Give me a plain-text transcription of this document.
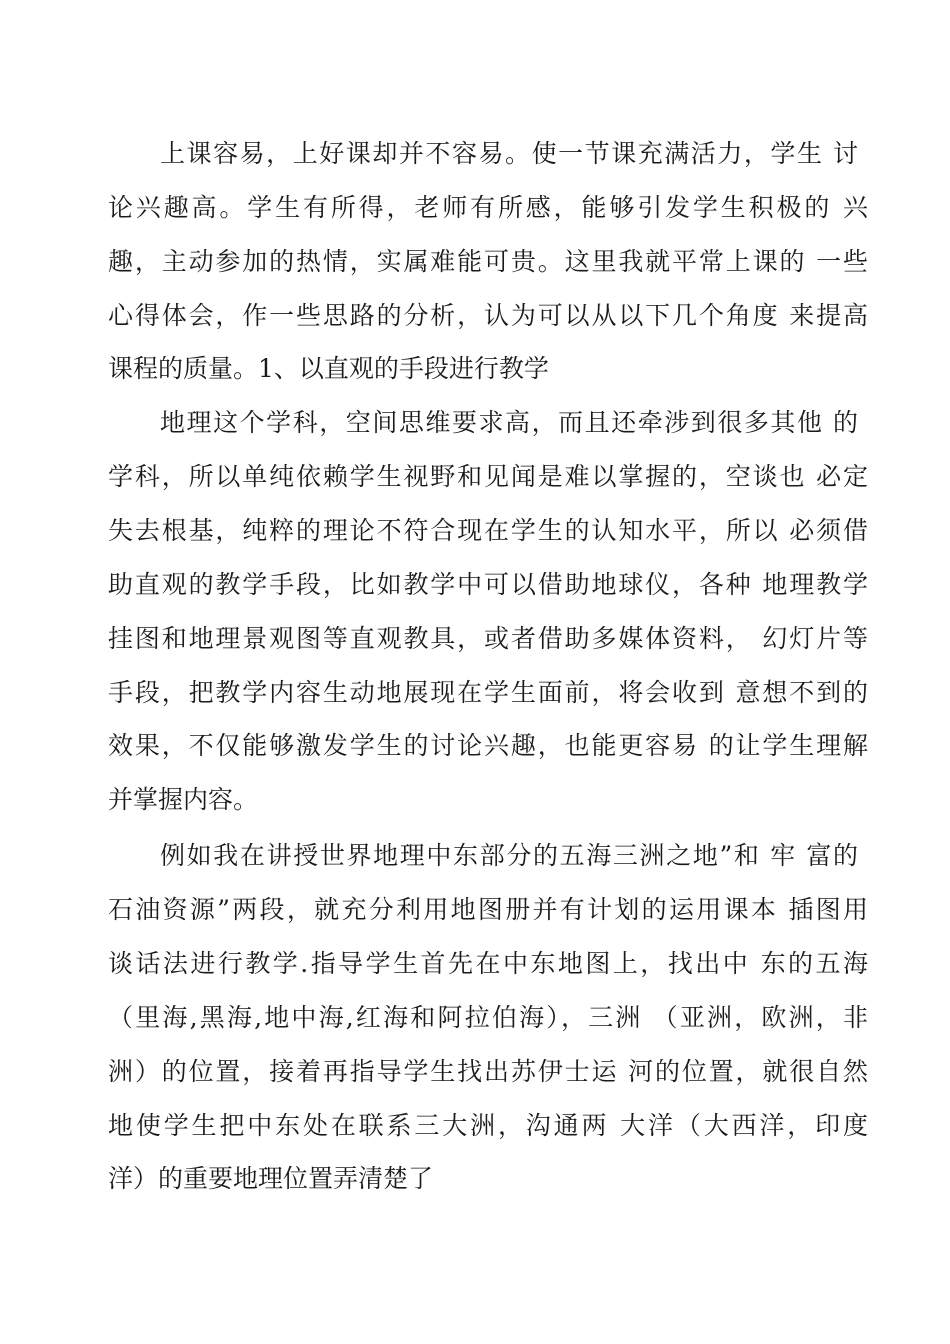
上课容易，上好课却并不容易。使一节课充满活力，学生 讨
论兴趣高。学生有所得，老师有所感，能够引发学生积极的 兴
趣，主动参加的热情，实属难能可贵。这里我就平常上课的 一些
心得体会，作一些思路的分析，认为可以从以下几个角度 来提高
课程的质量。1、以直观的手段进行教学
地理这个学科，空间思维要求高，而且还牵涉到很多其他 的
学科，所以单纯依赖学生视野和见闻是难以掌握的，空谈也 必定
失去根基，纯粹的理论不符合现在学生的认知水平，所以 必须借
助直观的教学手段，比如教学中可以借助地球仪，各种 地理教学
挂图和地理景观图等直观教具，或者借助多媒体资料， 幻灯片等
手段，把教学内容生动地展现在学生面前，将会收到 意想不到的
效果，不仅能够激发学生的讨论兴趣，也能更容易 的让学生理解
并掌握内容。
例如我在讲授世界地理中东部分的五海三洲之地”和 牢 富的
石油资源”两段，就充分利用地图册并有计划的运用课本 插图用
谈话法进行教学.指导学生首先在中东地图上，找出中 东的五海
（里海,黑海,地中海,红海和阿拉伯海），三洲 （亚洲，欧洲，非
洲）的位置，接着再指导学生找出苏伊士运 河的位置，就很自然
地使学生把中东处在联系三大洲，沟通两 大洋（大西洋，印度
洋）的重要地理位置弄清楚了
